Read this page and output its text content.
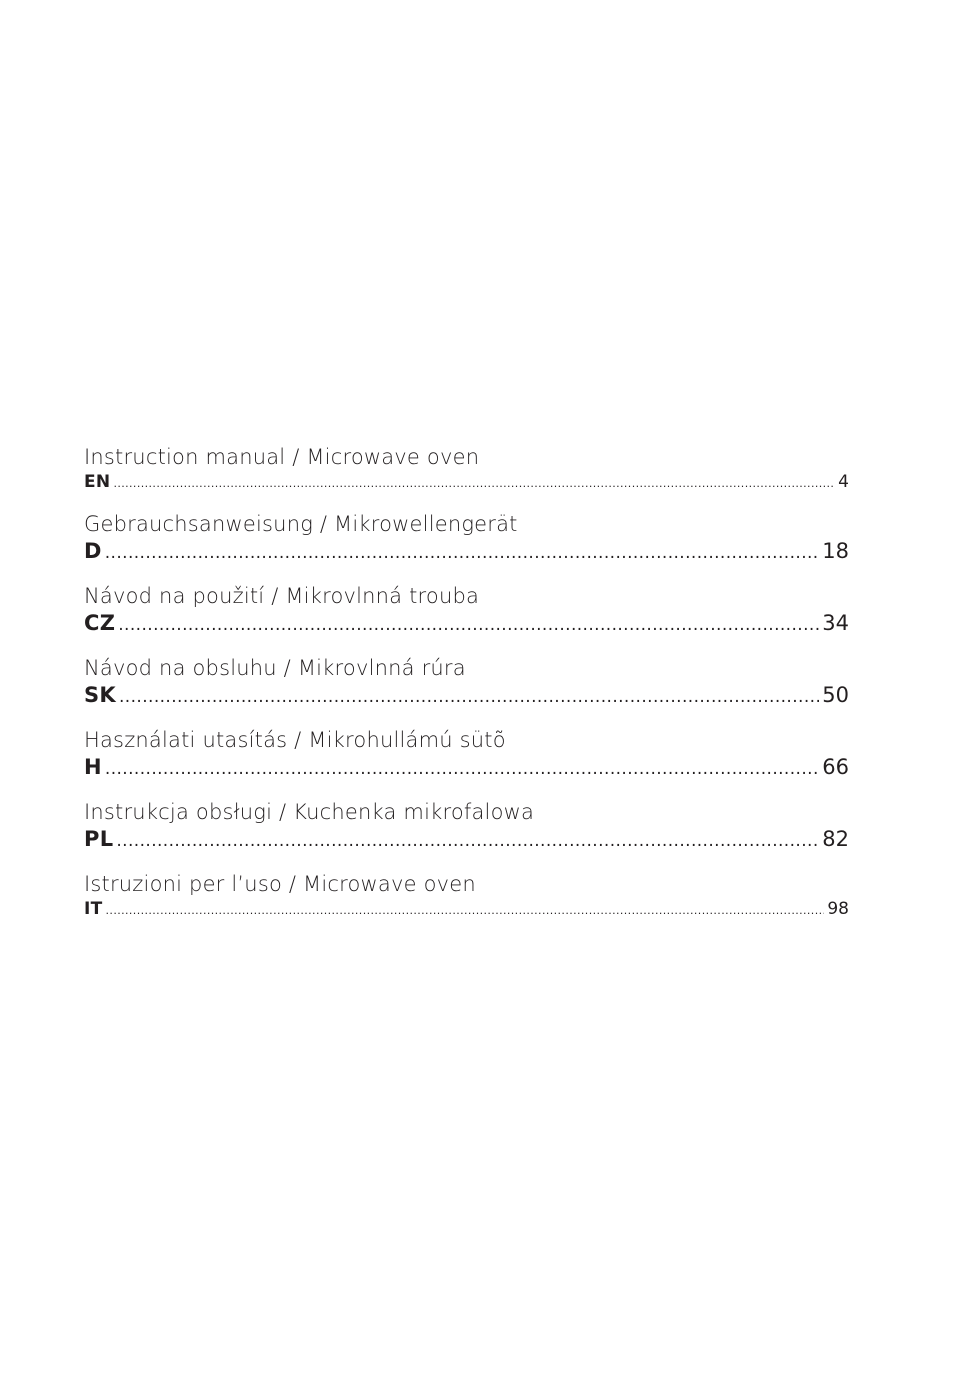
Instruction manual / Microwave oven
EN .....	4
Gebrauchsanweisung / Mikrowellengerät
D .....	18
Návod na použití / Mikrovlnná trouba
CZ .....	34
Návod na obsluhu / Mikrovlnná rúra
SK .....	50
Használati utasítás / Mikrohullámú sütõ
H .....	66
Instrukcja obsługi / Kuchenka mikrofalowa
PL .....	82
Istruzioni per l’uso / Microwave oven
IT .....	98
